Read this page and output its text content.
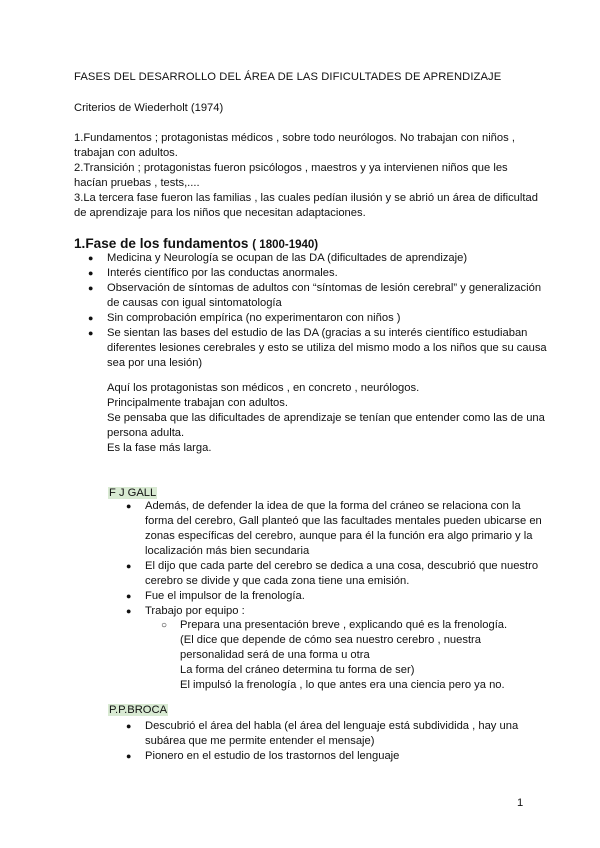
FASES DEL DESARROLLO DEL ÁREA DE LAS DIFICULTADES DE APRENDIZAJE

Criterios de Wiederholt (1974)

1.Fundamentos ; protagonistas médicos , sobre todo neurólogos. No trabajan con niños , trabajan con adultos.

2.Transición ; protagonistas fueron psicólogos , maestros y ya intervienen niños que les hacían pruebas , tests,....

3.La tercera fase fueron las familias , las cuales pedían ilusión y se abrió un área de dificultad de aprendizaje para los niños que necesitan adaptaciones.

1.Fase de los fundamentos ( 1800-1940)
● Medicina y Neurología se ocupan de las DA (dificultades de aprendizaje)
● Interés científico por las conductas anormales.
● Observación de síntomas de adultos con “síntomas de lesión cerebral” y generalización de causas con igual sintomatología
● Sin comprobación empírica (no experimentaron con niños )
● Se sientan las bases del estudio de las DA (gracias a su interés científico estudiaban diferentes lesiones cerebrales y esto se utiliza del mismo modo a los niños que su causa sea por una lesión)

Aquí los protagonistas son médicos , en concreto , neurólogos.

Principalmente trabajan con adultos.

Se pensaba que las dificultades de aprendizaje se tenían que entender como las de una persona adulta.

Es la fase más larga.

F J GALL

● Además, de defender la idea de que la forma del cráneo se relaciona con la forma del cerebro, Gall planteó que las facultades mentales pueden ubicarse en zonas específicas del cerebro, aunque para él la función era algo primario y la localización más bien secundaria
● El dijo que cada parte del cerebro se dedica a una cosa, descubrió que nuestro cerebro se divide y que cada zona tiene una emisión.
● Fue el impulsor de la frenología.
● Trabajo por equipo :
○ Prepara una presentación breve , explicando qué es la frenología.

(El dice que depende de cómo sea nuestro cerebro , nuestra personalidad será de una forma u otra

La forma del cráneo determina tu forma de ser)

El impulsó la frenología , lo que antes era una ciencia pero ya no.

P.P.BROCA

● Descubrió el área del habla (el área del lenguaje está subdividida , hay una subárea que me permite entender el mensaje)
● Pionero en el estudio de los trastornos del lenguaje

1
